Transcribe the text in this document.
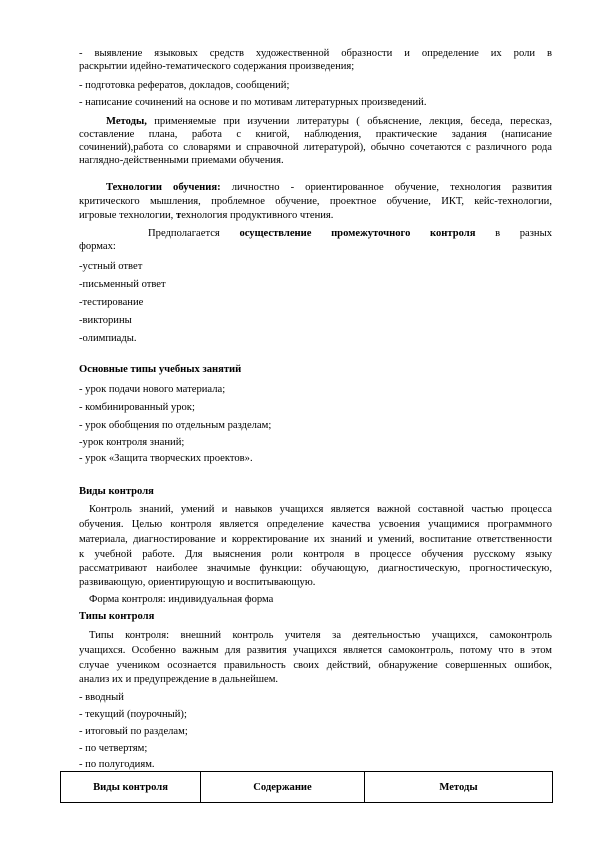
- выявление языковых средств художественной образности и определение их роли в
раскрытии идейно-тематического содержания произведения;
- подготовка рефератов, докладов, сообщений;
- написание сочинений на основе и по мотивам литературных произведений.
Методы, применяемые при изучении литературы ( объяснение, лекция, беседа, пересказ,
составление плана, работа с книгой, наблюдения, практические задания (написание
сочинений),работа со словарями и справочной литературой), обычно сочетаются с различного рода
наглядно-действенными приемами обучения.
Технологии обучения: личностно - ориентированное обучение, технология развития
критического мышления, проблемное обучение, проектное обучение, ИКТ, кейс-технологии,
игровые технологии, технология продуктивного чтения.
Предполагается осуществление промежуточного контроля в разных
формах:
-устный ответ
-письменный ответ
-тестирование
-викторины
-олимпиады.
Основные типы учебных занятий
- урок подачи нового материала;
- комбинированный урок;
- урок обобщения по отдельным разделам;
-урок контроля знаний;
- урок «Защита творческих проектов».
Виды контроля
Контроль знаний, умений и навыков учащихся является важной составной частью процесса
обучения. Целью контроля является определение качества усвоения учащимися программного
материала, диагностирование и корректирование их знаний и умений, воспитание ответственности
к учебной работе. Для выяснения роли контроля в процессе обучения русскому языку
рассматривают наиболее значимые функции: обучающую, диагностическую, прогностическую,
развивающую, ориентирующую и воспитывающую.
Форма контроля: индивидуальная форма
Типы контроля
Типы контроля: внешний контроль учителя за деятельностью учащихся, самоконтроль
учащихся. Особенно важным для развития учащихся является самоконтроль, потому что в этом
случае учеником осознается правильность своих действий, обнаружение совершенных ошибок,
анализ их и предупреждение в дальнейшем.
- вводный
- текущий (поурочный);
- итоговый по разделам;
- по четвертям;
- по полугодиям.
Виды контроля	Содержание	Методы
